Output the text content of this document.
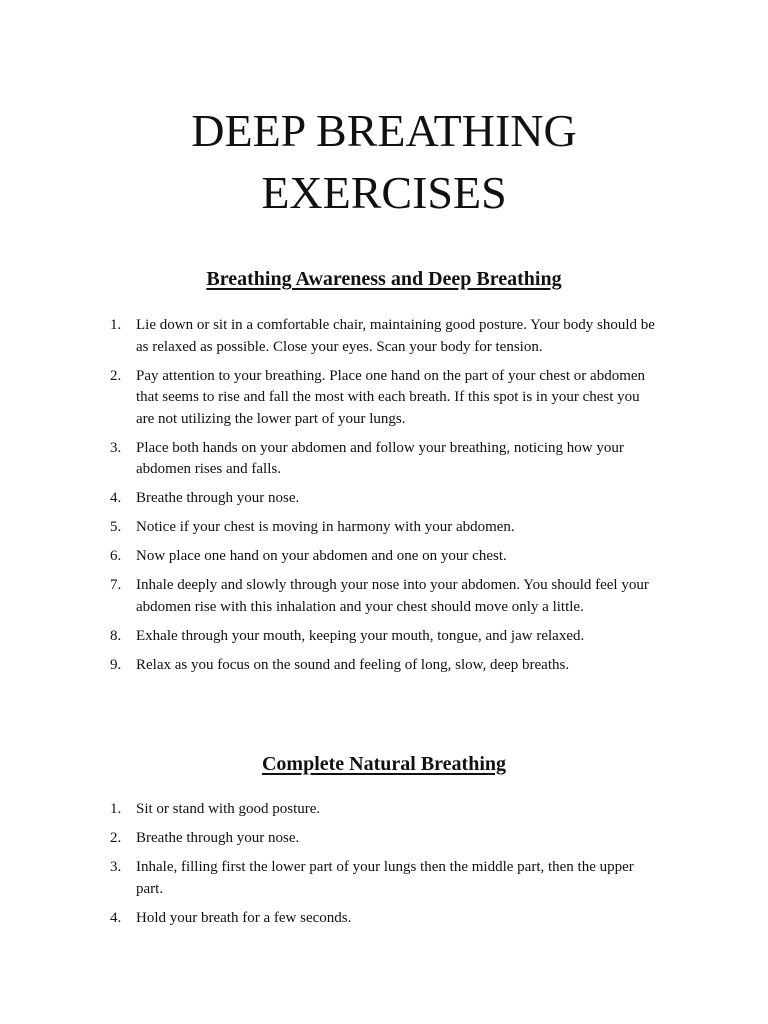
DEEP BREATHING
EXERCISES
Breathing Awareness and Deep Breathing
1. Lie down or sit in a comfortable chair, maintaining good posture. Your body should be as relaxed as possible. Close your eyes. Scan your body for tension.
2. Pay attention to your breathing. Place one hand on the part of your chest or abdomen that seems to rise and fall the most with each breath. If this spot is in your chest you are not utilizing the lower part of your lungs.
3. Place both hands on your abdomen and follow your breathing, noticing how your abdomen rises and falls.
4. Breathe through your nose.
5. Notice if your chest is moving in harmony with your abdomen.
6. Now place one hand on your abdomen and one on your chest.
7. Inhale deeply and slowly through your nose into your abdomen. You should feel your abdomen rise with this inhalation and your chest should move only a little.
8. Exhale through your mouth, keeping your mouth, tongue, and jaw relaxed.
9. Relax as you focus on the sound and feeling of long, slow, deep breaths.
Complete Natural Breathing
1. Sit or stand with good posture.
2. Breathe through your nose.
3. Inhale, filling first the lower part of your lungs then the middle part, then the upper part.
4. Hold your breath for a few seconds.
